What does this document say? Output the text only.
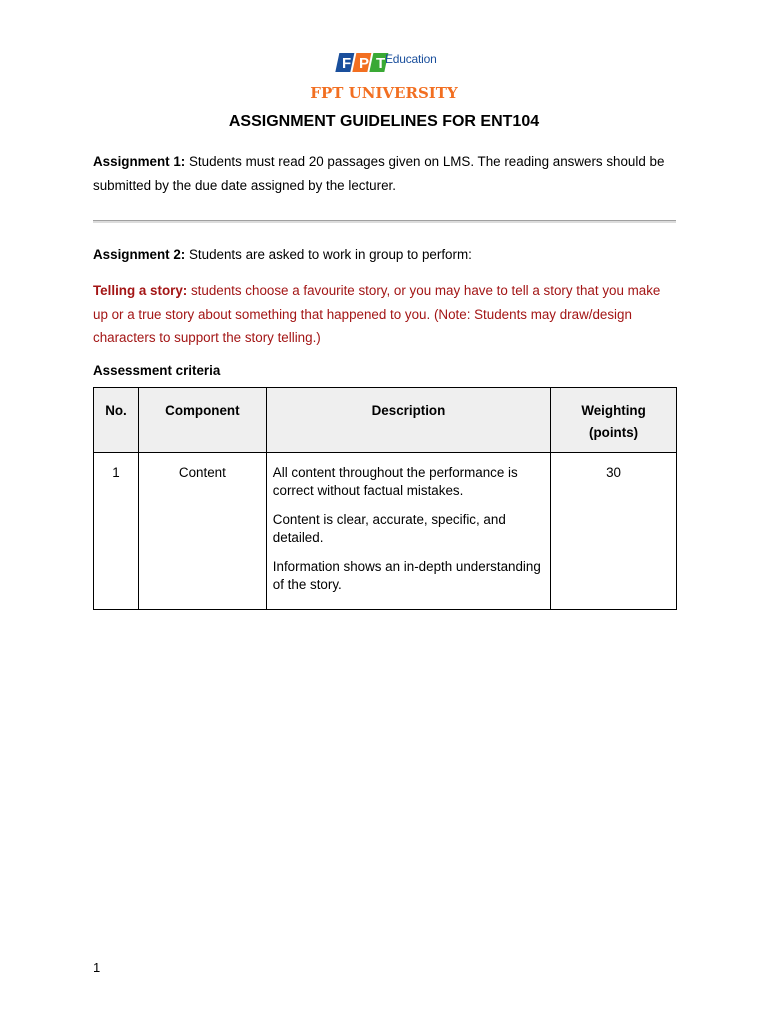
F P T Education
FPT UNIVERSITY
ASSIGNMENT GUIDELINES FOR ENT104
Assignment 1: Students must read 20 passages given on LMS. The reading answers should be submitted by the due date assigned by the lecturer.
Assignment 2: Students are asked to work in group to perform:
Telling a story: students choose a favourite story, or you may have to tell a story that you make up or a true story about something that happened to you. (Note: Students may draw/design characters to support the story telling.)
Assessment criteria
No.	Component	Description	Weighting (points)
1	Content	All content throughout the performance is correct without factual mistakes.

Content is clear, accurate, specific, and detailed.

Information shows an in-depth understanding of the story.	30
1
